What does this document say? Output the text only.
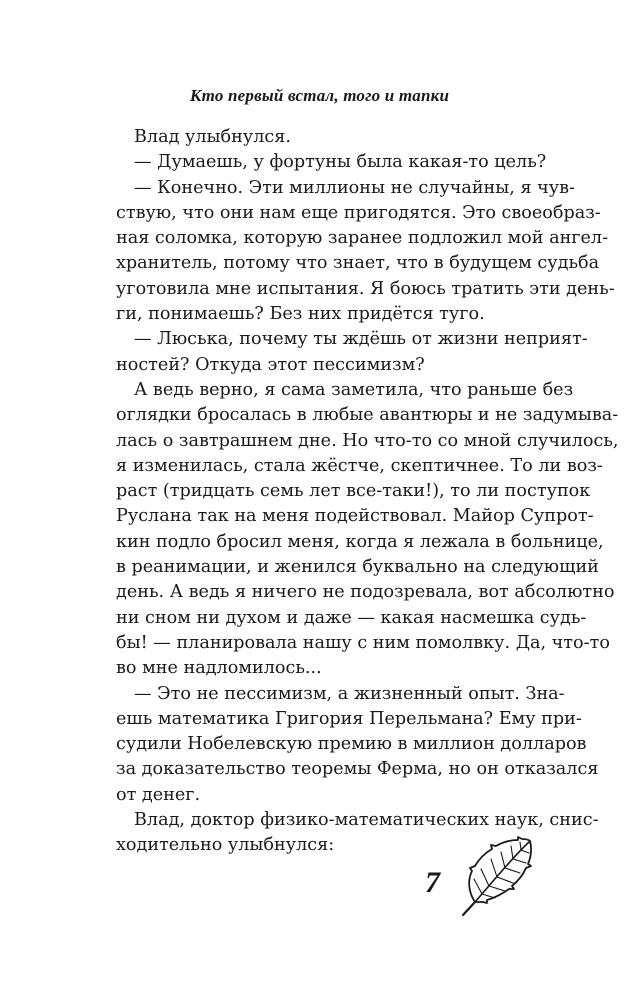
Кто первый встал, того и тапки
Влад улыбнулся.
— Думаешь, у фортуны была какая-то цель?
— Конечно. Эти миллионы не случайны, я чув-
ствую, что они нам еще пригодятся. Это своеобраз-
ная соломка, которую заранее подложил мой ангел-
хранитель, потому что знает, что в будущем судьба
уготовила мне испытания. Я боюсь тратить эти день-
ги, понимаешь? Без них придётся туго.
— Люська, почему ты ждёшь от жизни неприят-
ностей? Откуда этот пессимизм?
А ведь верно, я сама заметила, что раньше без
оглядки бросалась в любые авантюры и не задумыва-
лась о завтрашнем дне. Но что-то со мной случилось,
я изменилась, стала жёстче, скептичнее. То ли воз-
раст (тридцать семь лет все-таки!), то ли поступок
Руслана так на меня подействовал. Майор Супрот-
кин подло бросил меня, когда я лежала в больнице,
в реанимации, и женился буквально на следующий
день. А ведь я ничего не подозревала, вот абсолютно
ни сном ни духом и даже — какая насмешка судь-
бы! — планировала нашу с ним помолвку. Да, что-то
во мне надломилось...
— Это не пессимизм, а жизненный опыт. Зна-
ешь математика Григория Перельмана? Ему при-
судили Нобелевскую премию в миллион долларов
за доказательство теоремы Ферма, но он отказался
от денег.
Влад, доктор физико-математических наук, снис-
ходительно улыбнулся:
7
